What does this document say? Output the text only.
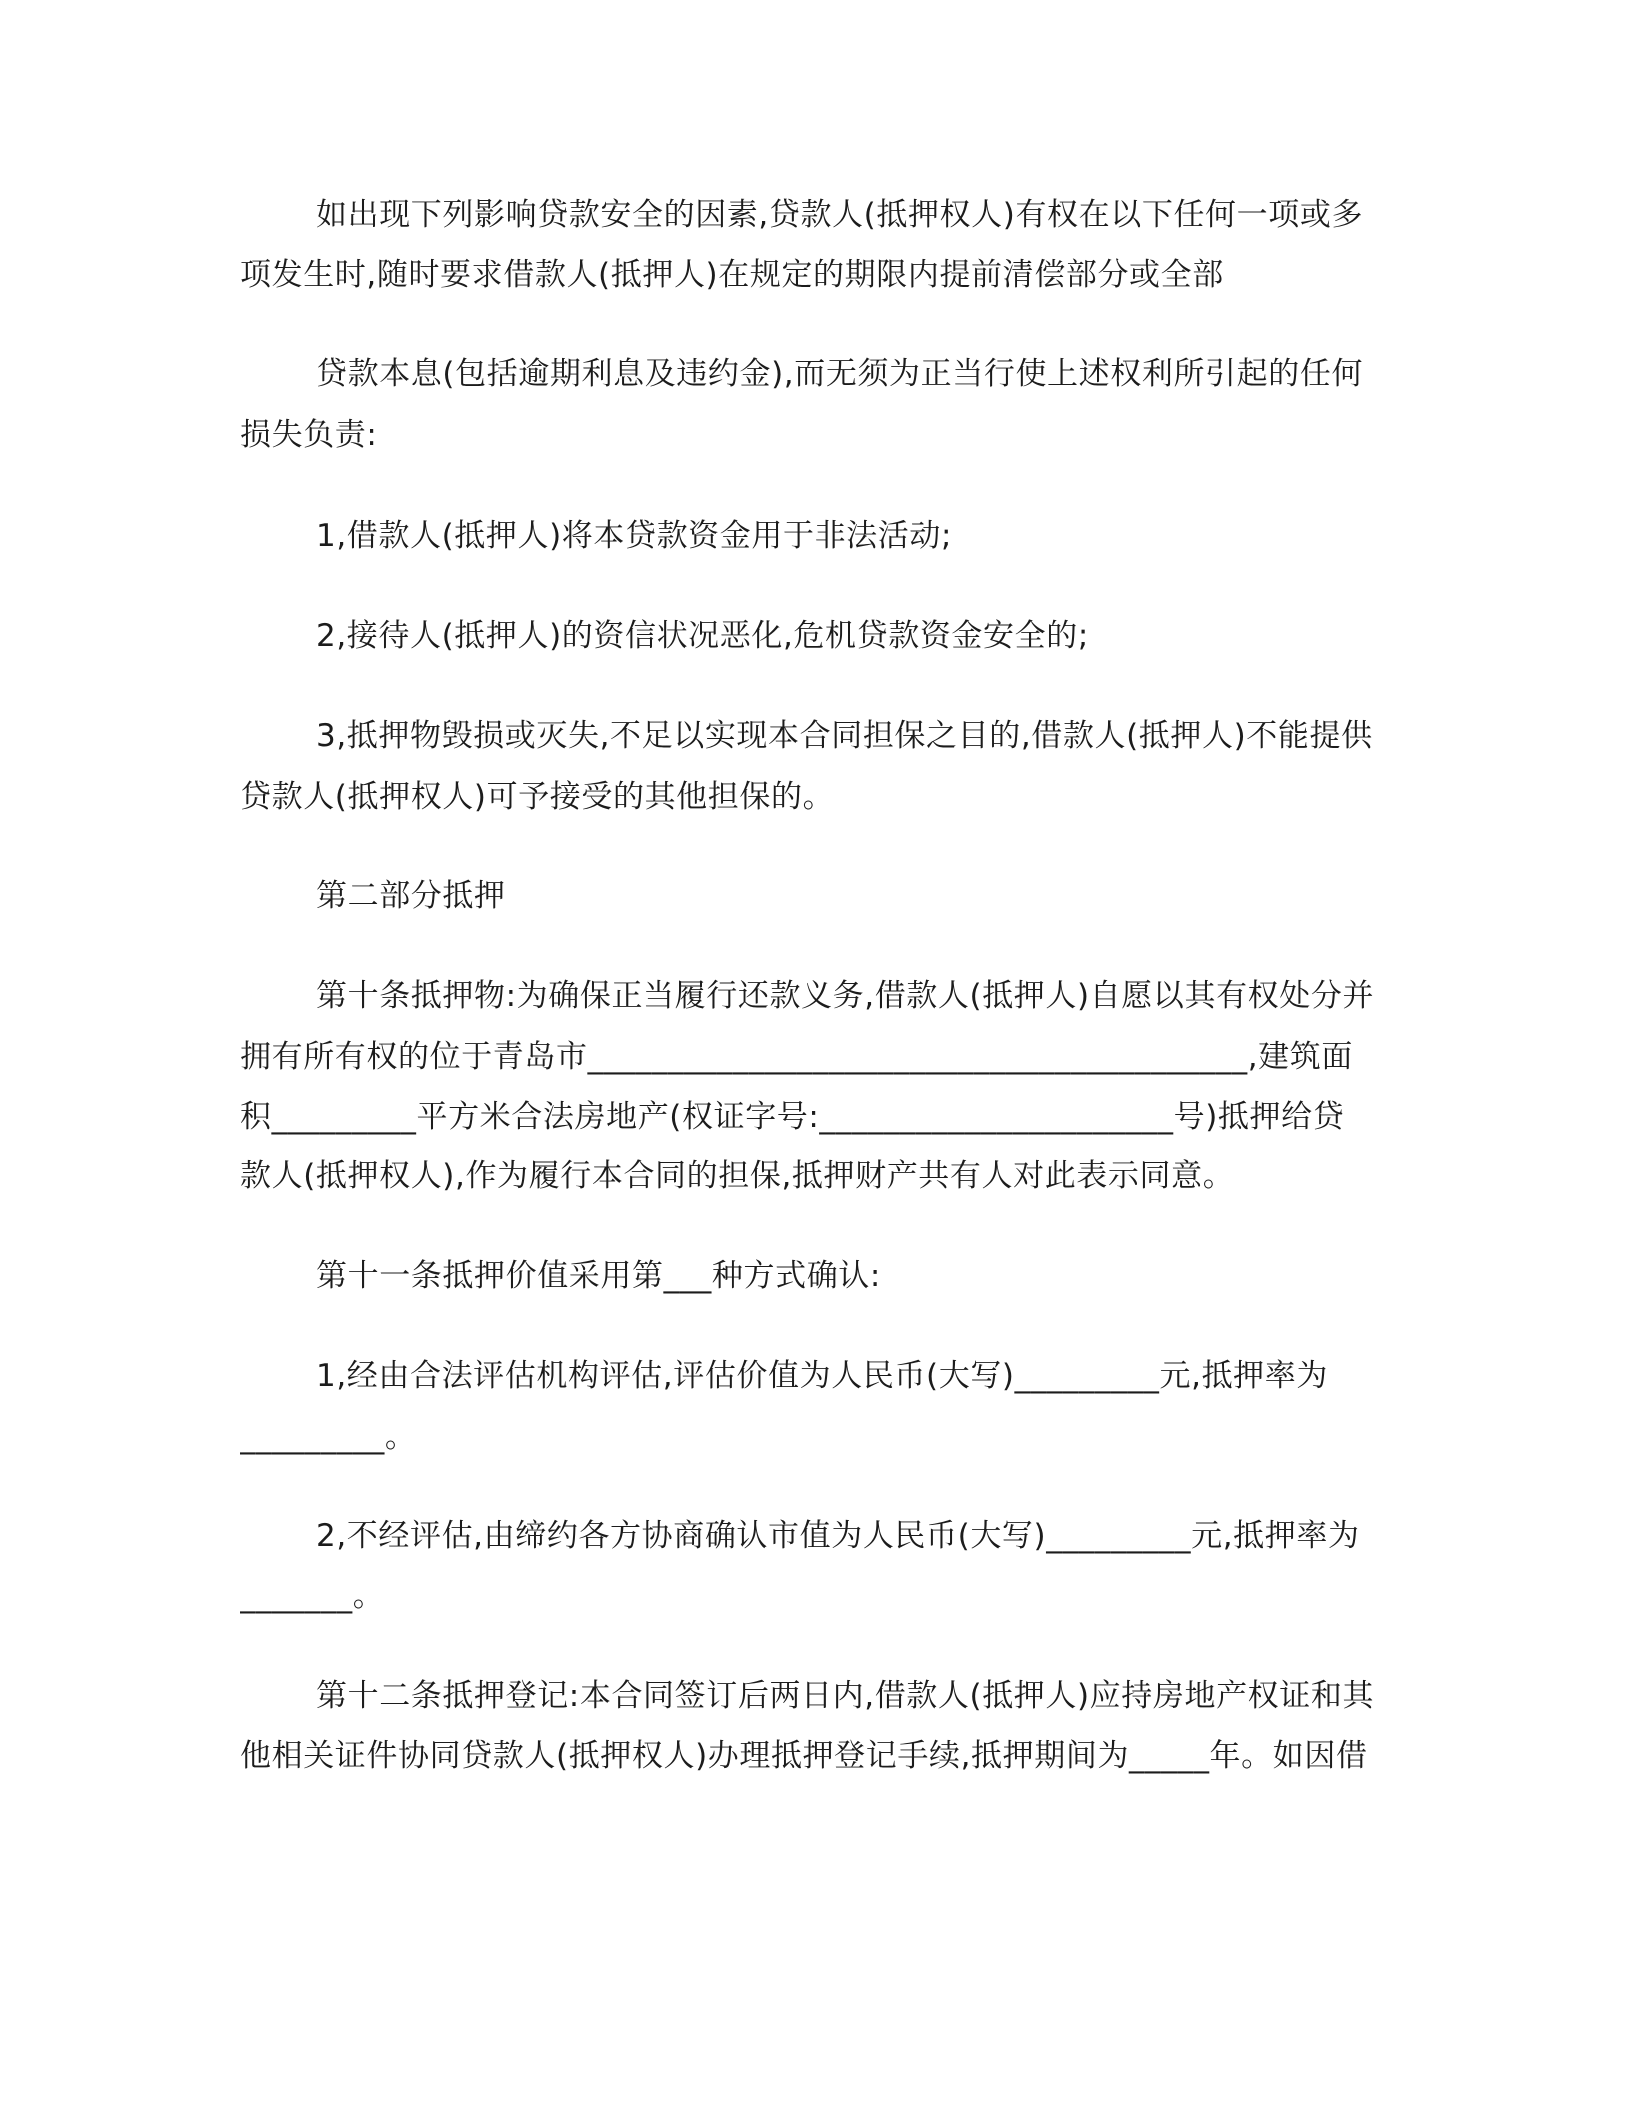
如出现下列影响贷款安全的因素,贷款人(抵押权人)有权在以下任何一项或多

项发生时,随时要求借款人(抵押人)在规定的期限内提前清偿部分或全部

贷款本息(包括逾期利息及违约金),而无须为正当行使上述权利所引起的任何

损失负责:

1,借款人(抵押人)将本贷款资金用于非法活动;

2,接待人(抵押人)的资信状况恶化,危机贷款资金安全的;

3,抵押物毁损或灭失,不足以实现本合同担保之目的,借款人(抵押人)不能提供

贷款人(抵押权人)可予接受的其他担保的。

第二部分抵押

第十条抵押物:为确保正当履行还款义务,借款人(抵押人)自愿以其有权处分并

拥有所有权的位于青岛市_________________________________________,建筑面

积_________平方米合法房地产(权证字号:______________________号)抵押给贷

款人(抵押权人),作为履行本合同的担保,抵押财产共有人对此表示同意。

第十一条抵押价值采用第___种方式确认:

1,经由合法评估机构评估,评估价值为人民币(大写)_________元,抵押率为

_________。

2,不经评估,由缔约各方协商确认市值为人民币(大写)_________元,抵押率为

_______。

第十二条抵押登记:本合同签订后两日内,借款人(抵押人)应持房地产权证和其

他相关证件协同贷款人(抵押权人)办理抵押登记手续,抵押期间为_____年。如因借
